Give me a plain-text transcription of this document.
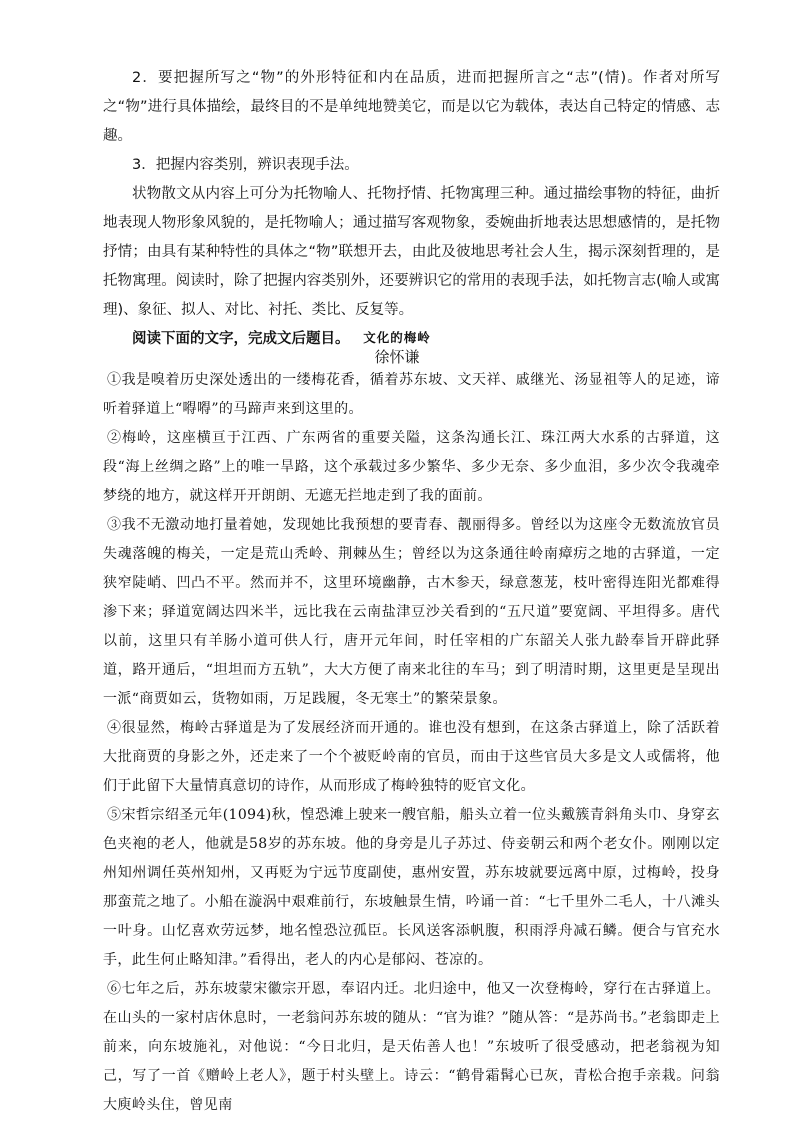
2．要把握所写之“物”的外形特征和内在品质，进而把握所言之“志”(情)。作者对所写之“物”进行具体描绘，最终目的不是单纯地赞美它，而是以它为载体，表达自己特定的情感、志趣。

3．把握内容类别，辨识表现手法。

状物散文从内容上可分为托物喻人、托物抒情、托物寓理三种。通过描绘事物的特征，曲折地表现人物形象风貌的，是托物喻人；通过描写客观物象，委婉曲折地表达思想感情的，是托物抒情；由具有某种特性的具体之“物”联想开去，由此及彼地思考社会人生，揭示深刻哲理的，是托物寓理。阅读时，除了把握内容类别外，还要辨识它的常用的表现手法，如托物言志(喻人或寓理)、象征、拟人、对比、衬托、类比、反复等。

阅读下面的文字，完成文后题目。	文化的梅岭
徐怀谦

①我是嗅着历史深处透出的一缕梅花香，循着苏东坡、文天祥、戚继光、汤显祖等人的足迹，谛听着驿道上“嘚嘚”的马蹄声来到这里的。

②梅岭，这座横亘于江西、广东两省的重要关隘，这条沟通长江、珠江两大水系的古驿道，这段“海上丝绸之路”上的唯一旱路，这个承载过多少繁华、多少无奈、多少血泪，多少次令我魂牵梦绕的地方，就这样开开朗朗、无遮无拦地走到了我的面前。

③我不无激动地打量着她，发现她比我预想的要青春、靓丽得多。曾经以为这座令无数流放官员失魂落魄的梅关，一定是荒山秃岭、荆棘丛生；曾经以为这条通往岭南瘴疠之地的古驿道，一定狭窄陡峭、凹凸不平。然而并不，这里环境幽静，古木参天，绿意葱茏，枝叶密得连阳光都难得渗下来；驿道宽阔达四米半，远比我在云南盐津豆沙关看到的“五尺道”要宽阔、平坦得多。唐代以前，这里只有羊肠小道可供人行，唐开元年间，时任宰相的广东韶关人张九龄奉旨开辟此驿道，路开通后，“坦坦而方五轨”，大大方便了南来北往的车马；到了明清时期，这里更是呈现出一派“商贾如云，货物如雨，万足践履，冬无寒土”的繁荣景象。

④很显然，梅岭古驿道是为了发展经济而开通的。谁也没有想到，在这条古驿道上，除了活跃着大批商贾的身影之外，还走来了一个个被贬岭南的官员，而由于这些官员大多是文人或儒将，他们于此留下大量情真意切的诗作，从而形成了梅岭独特的贬官文化。

⑤宋哲宗绍圣元年(1094)秋，惶恐滩上驶来一艘官船，船头立着一位头戴簇青斜角头巾、身穿玄色夹袍的老人，他就是58岁的苏东坡。他的身旁是儿子苏过、侍妾朝云和两个老女仆。刚刚以定州知州调任英州知州，又再贬为宁远节度副使，惠州安置，苏东坡就要远离中原，过梅岭，投身那蛮荒之地了。小船在漩涡中艰难前行，东坡触景生情，吟诵一首：“七千里外二毛人，十八滩头一叶身。山忆喜欢劳远梦，地名惶恐泣孤臣。长风送客添帆腹，积雨浮舟减石鳞。便合与官充水手，此生何止略知津。”看得出，老人的内心是郁闷、苍凉的。

⑥七年之后，苏东坡蒙宋徽宗开恩，奉诏内迁。北归途中，他又一次登梅岭，穿行在古驿道上。在山头的一家村店休息时，一老翁问苏东坡的随从：“官为谁？”随从答：“是苏尚书。”老翁即走上前来，向东坡施礼，对他说：“今日北归，是天佑善人也！”东坡听了很受感动，把老翁视为知己，写了一首《赠岭上老人》，题于村头壁上。诗云：“鹤骨霜髯心已灰，青松合抱手亲栽。问翁大庾岭头住，曾见南
